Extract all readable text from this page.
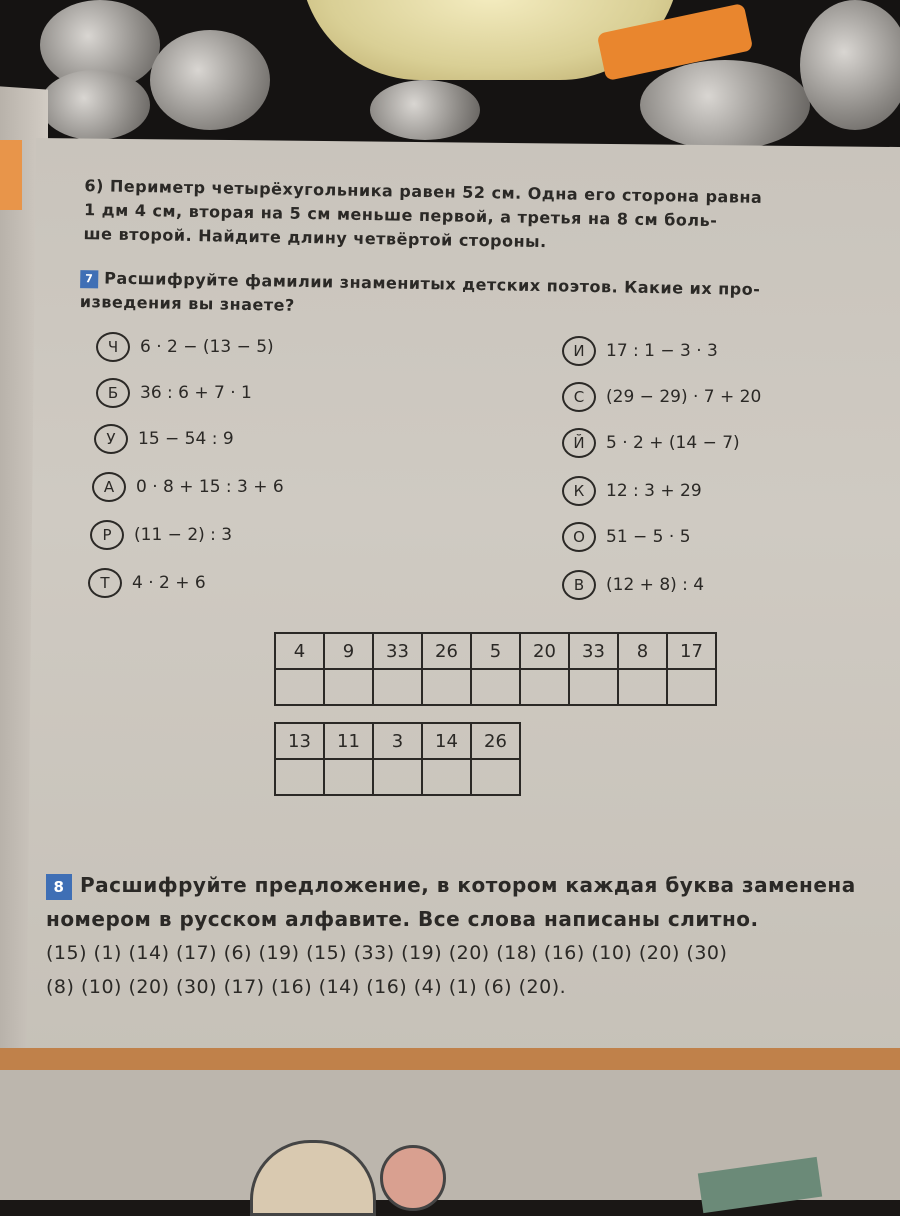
6) Периметр четырёхугольника равен 52 см. Одна его сторона равна
1 дм 4 см, вторая на 5 см меньше первой, а третья на 8 см боль-
ше второй. Найдите длину четвёртой стороны.
7 Расшифруйте фамилии знаменитых детских поэтов. Какие их про-
изведения вы знаете?
Ч 6 · 2 − (13 − 5)
Б 36 : 6 + 7 · 1
У 15 − 54 : 9
А 0 · 8 + 15 : 3 + 6
Р (11 − 2) : 3
Т 4 · 2 + 6
И 17 : 1 − 3 · 3
С (29 − 29) · 7 + 20
Й 5 · 2 + (14 − 7)
К 12 : 3 + 29
О 51 − 5 · 5
В (12 + 8) : 4
4	9	33	26	5	20	33	8	17

13	11	3	14	26

8 Расшифруйте предложение, в котором каждая буква заменена
номером в русском алфавите. Все слова написаны слитно.
(15) (1) (14) (17) (6) (19) (15) (33) (19) (20) (18) (16) (10) (20) (30)
(8) (10) (20) (30) (17) (16) (14) (16) (4) (1) (6) (20).
